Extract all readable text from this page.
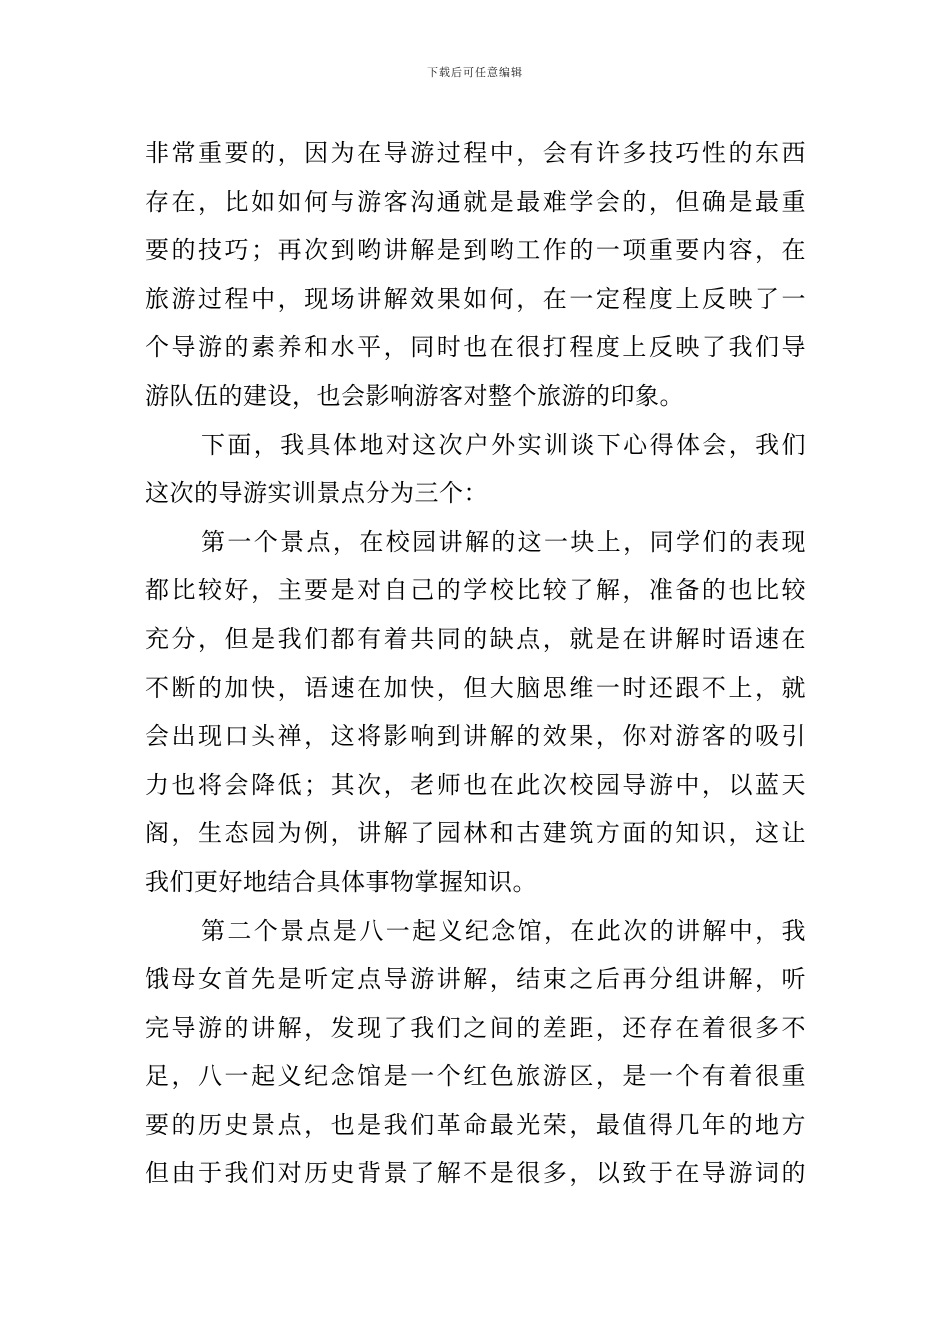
下载后可任意编辑
非常重要的，因为在导游过程中，会有许多技巧性的东西
存在，比如如何与游客沟通就是最难学会的，但确是最重
要的技巧；再次到哟讲解是到哟工作的一项重要内容，在
旅游过程中，现场讲解效果如何，在一定程度上反映了一
个导游的素养和水平，同时也在很打程度上反映了我们导
游队伍的建设，也会影响游客对整个旅游的印象。
下面，我具体地对这次户外实训谈下心得体会，我们
这次的导游实训景点分为三个：
第一个景点，在校园讲解的这一块上，同学们的表现
都比较好，主要是对自己的学校比较了解，准备的也比较
充分，但是我们都有着共同的缺点，就是在讲解时语速在
不断的加快，语速在加快，但大脑思维一时还跟不上，就
会出现口头禅，这将影响到讲解的效果，你对游客的吸引
力也将会降低；其次，老师也在此次校园导游中，以蓝天
阁，生态园为例，讲解了园林和古建筑方面的知识，这让
我们更好地结合具体事物掌握知识。
第二个景点是八一起义纪念馆，在此次的讲解中，我
饿母女首先是听定点导游讲解，结束之后再分组讲解，听
完导游的讲解，发现了我们之间的差距，还存在着很多不
足，八一起义纪念馆是一个红色旅游区，是一个有着很重
要的历史景点，也是我们革命最光荣，最值得几年的地方
但由于我们对历史背景了解不是很多，以致于在导游词的
